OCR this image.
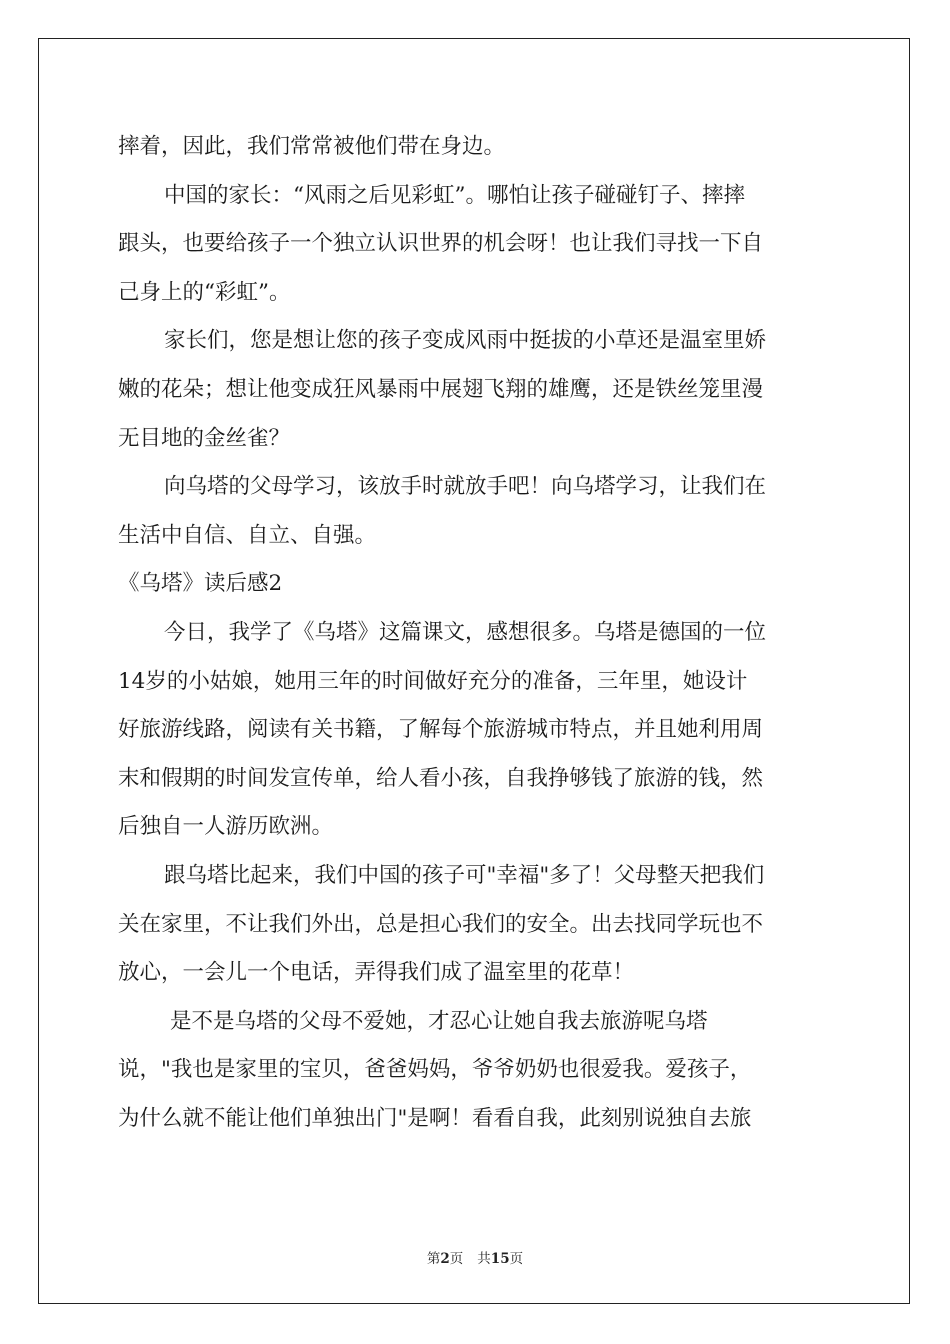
摔着，因此，我们常常被他们带在身边。
中国的家长：“风雨之后见彩虹”。哪怕让孩子碰碰钉子、摔摔
跟头，也要给孩子一个独立认识世界的机会呀！也让我们寻找一下自
己身上的“彩虹”。
家长们，您是想让您的孩子变成风雨中挺拔的小草还是温室里娇
嫩的花朵；想让他变成狂风暴雨中展翅飞翔的雄鹰，还是铁丝笼里漫
无目地的金丝雀？
向乌塔的父母学习，该放手时就放手吧！向乌塔学习，让我们在
生活中自信、自立、自强。
《乌塔》读后感2
今日，我学了《乌塔》这篇课文，感想很多。乌塔是德国的一位
14岁的小姑娘，她用三年的时间做好充分的准备，三年里，她设计
好旅游线路，阅读有关书籍，了解每个旅游城市特点，并且她利用周
末和假期的时间发宣传单，给人看小孩，自我挣够钱了旅游的钱，然
后独自一人游历欧洲。
跟乌塔比起来，我们中国的孩子可"幸福"多了！父母整天把我们
关在家里，不让我们外出，总是担心我们的安全。出去找同学玩也不
放心，一会儿一个电话，弄得我们成了温室里的花草！
是不是乌塔的父母不爱她，才忍心让她自我去旅游呢乌塔
说，"我也是家里的宝贝，爸爸妈妈，爷爷奶奶也很爱我。爱孩子，
为什么就不能让他们单独出门"是啊！看看自我，此刻别说独自去旅
第2页 共15页
